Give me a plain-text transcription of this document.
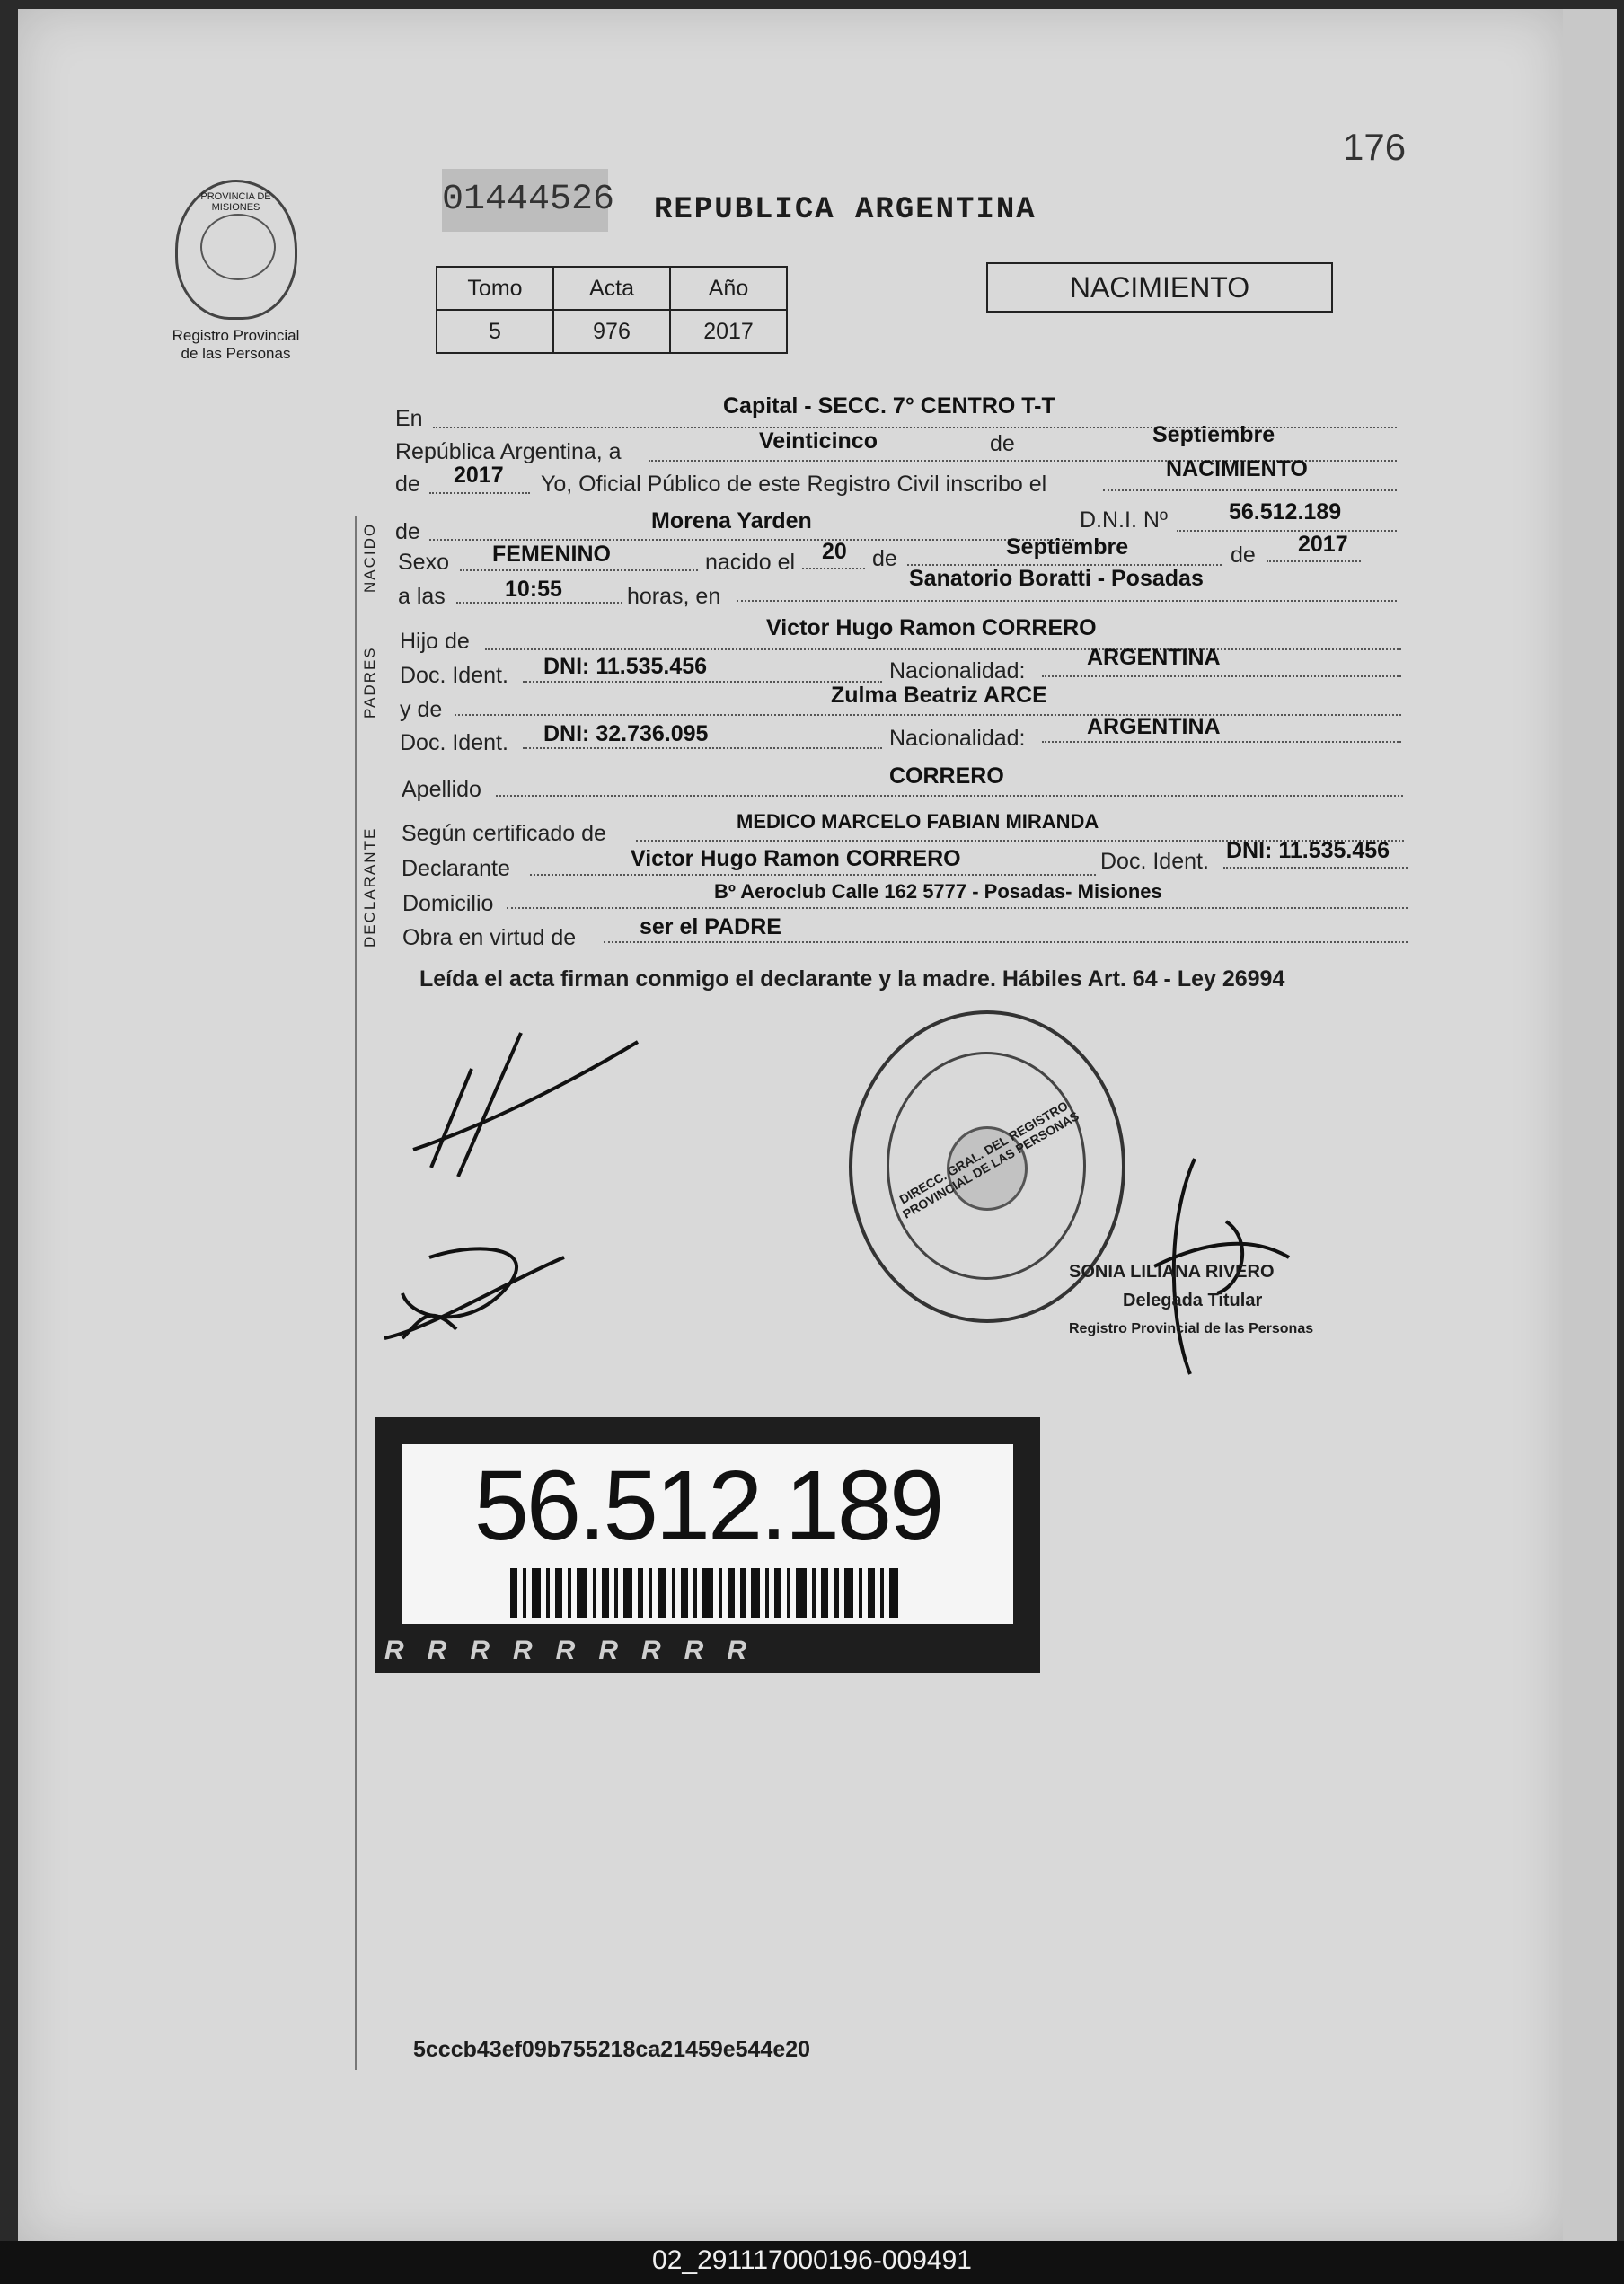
176
01444526 REPUBLICA ARGENTINA
PROVINCIA DE MISIONES
Registro Provincial
de las Personas
Tomo	Acta	Año
5	976	2017
NACIMIENTO
NACIDO
PADRES
DECLARANTE
En	Capital - SECC. 7° CENTRO T-T
República Argentina, a	Veinticinco	de	Septiembre
de 2017 Yo, Oficial Público de este Registro Civil inscribo el
NACIMIENTO
de	Morena Yarden	D.N.I. Nº	56.512.189
Sexo FEMENINO	nacido el 20 de	Septiembre	de 2017
a las	10:55	horas, en
Sanatorio Boratti - Posadas
Hijo de
Victor Hugo Ramon CORRERO
Doc. Ident. DNI: 11.535.456	Nacionalidad:
ARGENTINA
y de
Zulma Beatriz ARCE
Doc. Ident. DNI: 32.736.095	Nacionalidad:	ARGENTINA
Apellido
CORRERO
Según certificado de	MEDICO MARCELO FABIAN MIRANDA
Declarante	Victor Hugo Ramon CORRERO	Doc. Ident. DNI: 11.535.456
Domicilio	Bº Aeroclub Calle 162 5777 - Posadas- Misiones
Obra en virtud de	ser el PADRE
Leída el acta firman conmigo el declarante y la madre. Hábiles Art. 64 - Ley 26994
DIRECC. GRAL. DEL REGISTRO PROVINCIAL DE LAS PERSONAS
SONIA LILIANA RIVERO
Delegada Titular
Registro Provincial de las Personas
56.512.189
RRRRRRRRR
5cccb43ef09b755218ca21459e544e20
02_291117000196-009491
